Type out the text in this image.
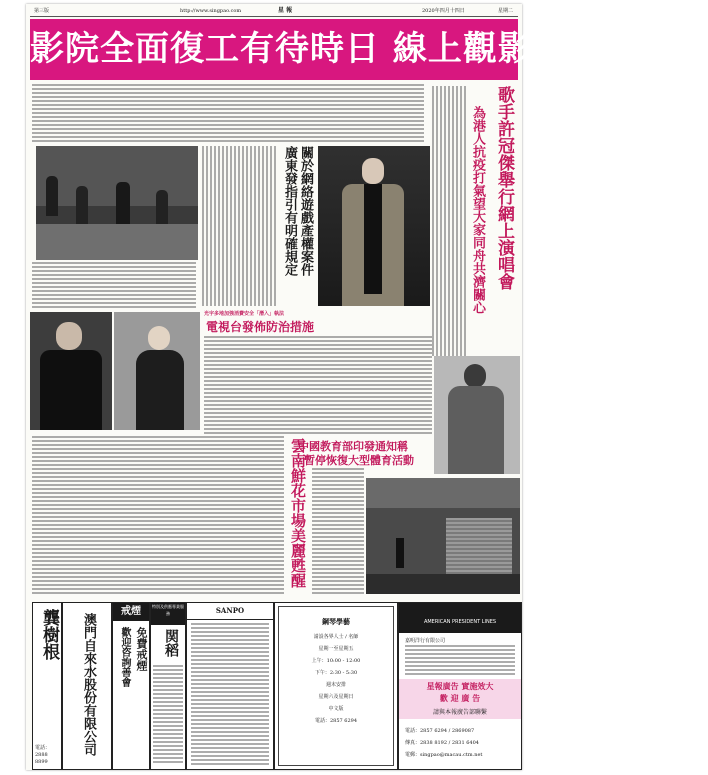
第三版	http://www.singpao.com	星 報	2020年四月十四日	星期二
影院全面復工有待時日 線上觀影接受度漸高
歌手許冠傑舉行網上演唱會
為港人抗疫打氣望大家同舟共濟關心
關於網絡遊戲產權案件
廣東發指引有明確規定
光宇多地加強消費安全「潛入」執法
電視台發佈防治措施
中國教育部印發通知稱
暫停恢復大型體育活動
雲南鮮花市場美麗甦醒
龔樹根
電話：2888 8899
澳門自來水股份有限公司
戒煙
免費戒煙
歡迎咨詢善會
特別及供應專業服務
関稻
SANPO
鋼琴學藝
請設各界人士 / 名師
星期一至星期五
上午：10:00 - 12:00
下午：2:30 - 5:30
週末安排
星期六及星期日
中文版
電話：2857 6294
AMERICAN PRESIDENT LINES
嘉明洋行有限公司
星報廣告 實施效大
歡 迎 廣 告
請與本報廣告部聯繫
電話：2857 6294 / 2869087
傳真：2838 8192 / 2831 6404
電郵：singpao@macau.ctm.net
